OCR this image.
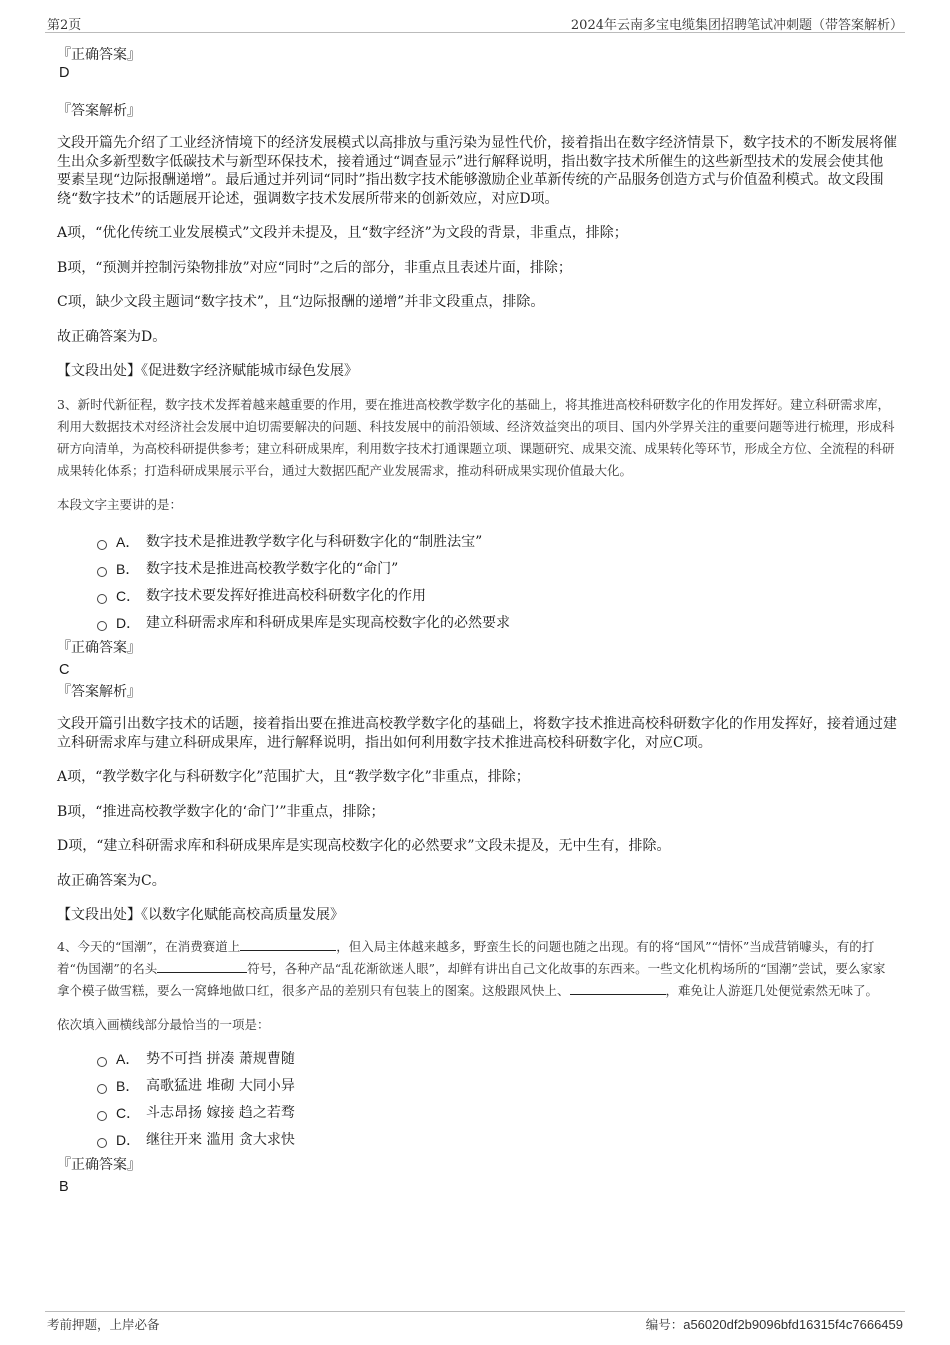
第2页	2024年云南多宝电缆集团招聘笔试冲刺题（带答案解析）

『正确答案』

D

『答案解析』

文段开篇先介绍了工业经济情境下的经济发展模式以高排放与重污染为显性代价，接着指出在数字经济情景下，数字技术的不断发展将催生出众多新型数字低碳技术与新型环保技术，接着通过“调查显示”进行解释说明，指出数字技术所催生的这些新型技术的发展会使其他要素呈现“边际报酬递增”。最后通过并列词“同时”指出数字技术能够激励企业革新传统的产品服务创造方式与价值盈利模式。故文段围绕“数字技术”的话题展开论述，强调数字技术发展所带来的创新效应，对应D项。

A项，“优化传统工业发展模式”文段并未提及，且“数字经济”为文段的背景，非重点，排除；

B项，“预测并控制污染物排放”对应“同时”之后的部分，非重点且表述片面，排除；

C项，缺少文段主题词“数字技术”，且“边际报酬的递增”并非文段重点，排除。

故正确答案为D。

【文段出处】《促进数字经济赋能城市绿色发展》

3、新时代新征程，数字技术发挥着越来越重要的作用，要在推进高校教学数字化的基础上，将其推进高校科研数字化的作用发挥好。建立科研需求库，利用大数据技术对经济社会发展中迫切需要解决的问题、科技发展中的前沿领域、经济效益突出的项目、国内外学界关注的重要问题等进行梳理，形成科研方向清单，为高校科研提供参考；建立科研成果库，利用数字技术打通课题立项、课题研究、成果交流、成果转化等环节，形成全方位、全流程的科研成果转化体系；打造科研成果展示平台，通过大数据匹配产业发展需求，推动科研成果实现价值最大化。

本段文字主要讲的是：

A． 数字技术是推进教学数字化与科研数字化的“制胜法宝”
B． 数字技术是推进高校教学数字化的“命门”
C． 数字技术要发挥好推进高校科研数字化的作用
D． 建立科研需求库和科研成果库是实现高校数字化的必然要求

『正确答案』

C

『答案解析』

文段开篇引出数字技术的话题，接着指出要在推进高校教学数字化的基础上，将数字技术推进高校科研数字化的作用发挥好，接着通过建立科研需求库与建立科研成果库，进行解释说明，指出如何利用数字技术推进高校科研数字化，对应C项。

A项，“教学数字化与科研数字化”范围扩大，且“教学数字化”非重点，排除；

B项，“推进高校教学数字化的‘命门’”非重点，排除；

D项，“建立科研需求库和科研成果库是实现高校数字化的必然要求”文段未提及，无中生有，排除。

故正确答案为C。

【文段出处】《以数字化赋能高校高质量发展》

4、今天的“国潮”，在消费赛道上	，但入局主体越来越多，野蛮生长的问题也随之出现。有的将“国风”“情怀”当成营销噱头，有的打着“伪国潮”的名头	符号，各种产品“乱花渐欲迷人眼”，却鲜有讲出自己文化故事的东西来。一些文化机构场所的“国潮”尝试，要么家家拿个模子做雪糕，要么一窝蜂地做口红，很多产品的差别只有包装上的图案。这般跟风快上、	，难免让人游逛几处便觉索然无味了。

依次填入画横线部分最恰当的一项是：

A． 势不可挡 拼凑 萧规曹随
B． 高歌猛进 堆砌 大同小异
C． 斗志昂扬 嫁接 趋之若骛
D． 继往开来 滥用 贪大求快

『正确答案』

B

考前押题，上岸必备	编号：a56020df2b9096bfd16315f4c7666459
